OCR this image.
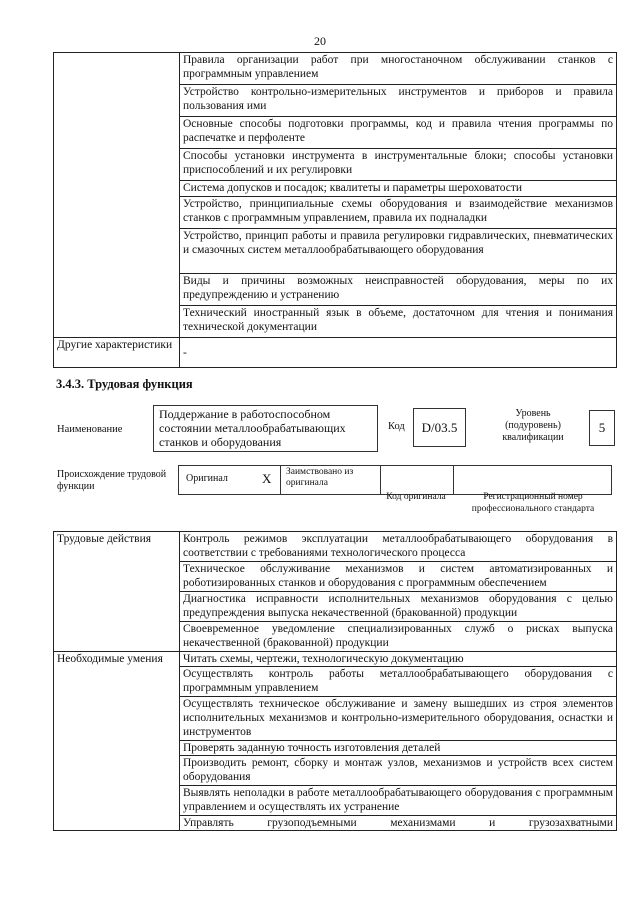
20
	Правила организации работ при многостаночном обслуживании станков с программным управлением
	Устройство контрольно-измерительных инструментов и приборов и правила пользования ими
	Основные способы подготовки программы, код и правила чтения программы по распечатке и перфоленте
	Способы установки инструмента в инструментальные блоки; способы установки приспособлений и их регулировки
	Система допусков и посадок; квалитеты и параметры шероховатости
	Устройство, принципиальные схемы оборудования и взаимодействие механизмов станков с программным управлением, правила их подналадки
	Устройство, принцип работы и правила регулировки гидравлических, пневматических и смазочных систем металлообрабатывающего оборудования
	Виды и причины возможных неисправностей оборудования, меры по их предупреждению и устранению
	Технический иностранный язык в объеме, достаточном для чтения и понимания технической документации
Другие характеристики	-
3.4.3. Трудовая функция
Наименование
Поддержание в работоспособном состоянии металлообрабатывающих станков и оборудования
Код	D/03.5
Уровень (подуровень) квалификации
5
Происхождение трудовой функции
Оригинал	X Заимствовано из оригинала
Код оригинала	Регистрационный номер профессионального стандарта
Трудовые действия	Контроль режимов эксплуатации металлообрабатывающего оборудования в соответствии с требованиями технологического процесса
	Техническое обслуживание механизмов и систем автоматизированных и роботизированных станков и оборудования с программным обеспечением
	Диагностика исправности исполнительных механизмов оборудования с целью предупреждения выпуска некачественной (бракованной) продукции
	Своевременное уведомление специализированных служб о рисках выпуска некачественной (бракованной) продукции
Необходимые умения	Читать схемы, чертежи, технологическую документацию
	Осуществлять контроль работы металлообрабатывающего оборудования с программным управлением
	Осуществлять техническое обслуживание и замену вышедших из строя элементов исполнительных механизмов и контрольно-измерительного оборудования, оснастки и инструментов
	Проверять заданную точность изготовления деталей
	Производить ремонт, сборку и монтаж узлов, механизмов и устройств всех систем оборудования
	Выявлять неполадки в работе металлообрабатывающего оборудования с программным управлением и осуществлять их устранение
	Управлять грузоподъемными механизмами и грузозахватными
